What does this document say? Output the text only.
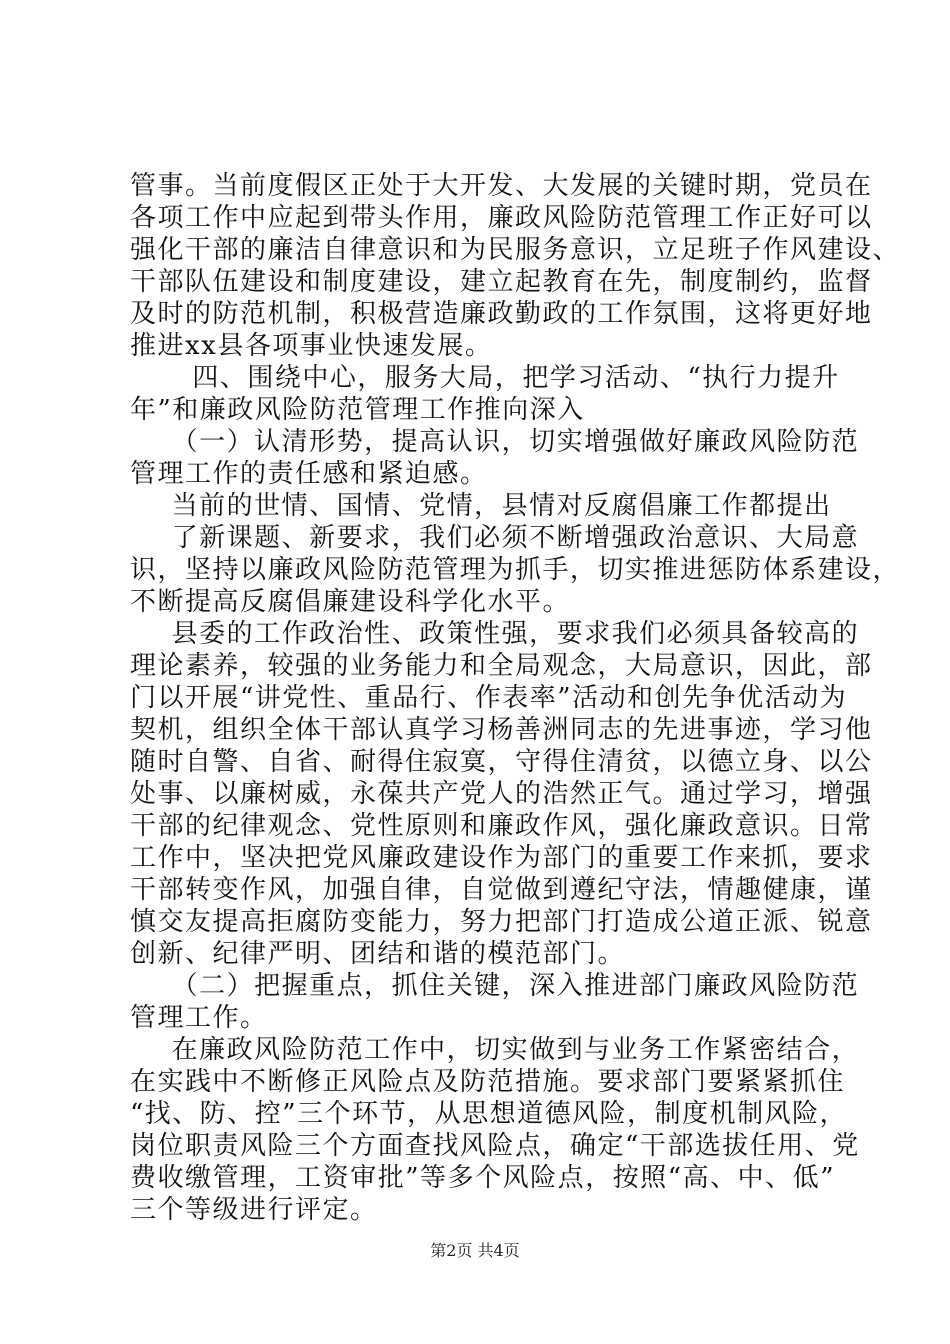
管事。当前度假区正处于大开发、大发展的关键时期，党员在
各项工作中应起到带头作用，廉政风险防范管理工作正好可以
强化干部的廉洁自律意识和为民服务意识，立足班子作风建设、
干部队伍建设和制度建设，建立起教育在先，制度制约，监督
及时的防范机制，积极营造廉政勤政的工作氛围，这将更好地
推进xx县各项事业快速发展。
四、围绕中心，服务大局，把学习活动、“执行力提升
年”和廉政风险防范管理工作推向深入
（一）认清形势，提高认识，切实增强做好廉政风险防范
管理工作的责任感和紧迫感。
当前的世情、国情、党情，县情对反腐倡廉工作都提出
了新课题、新要求，我们必须不断增强政治意识、大局意
识，坚持以廉政风险防范管理为抓手，切实推进惩防体系建设，
不断提高反腐倡廉建设科学化水平。
县委的工作政治性、政策性强，要求我们必须具备较高的
理论素养，较强的业务能力和全局观念，大局意识，因此，部
门以开展“讲党性、重品行、作表率”活动和创先争优活动为
契机，组织全体干部认真学习杨善洲同志的先进事迹，学习他
随时自警、自省、耐得住寂寞，守得住清贫，以德立身、以公
处事、以廉树威，永葆共产党人的浩然正气。通过学习，增强
干部的纪律观念、党性原则和廉政作风，强化廉政意识。日常
工作中，坚决把党风廉政建设作为部门的重要工作来抓，要求
干部转变作风，加强自律，自觉做到遵纪守法，情趣健康，谨
慎交友提高拒腐防变能力，努力把部门打造成公道正派、锐意
创新、纪律严明、团结和谐的模范部门。
（二）把握重点，抓住关键，深入推进部门廉政风险防范
管理工作。
在廉政风险防范工作中，切实做到与业务工作紧密结合，
在实践中不断修正风险点及防范措施。要求部门要紧紧抓住
“找、防、控”三个环节，从思想道德风险，制度机制风险，
岗位职责风险三个方面查找风险点，确定“干部选拔任用、党
费收缴管理，工资审批”等多个风险点，按照“高、中、低”
三个等级进行评定。
第2页 共4页
